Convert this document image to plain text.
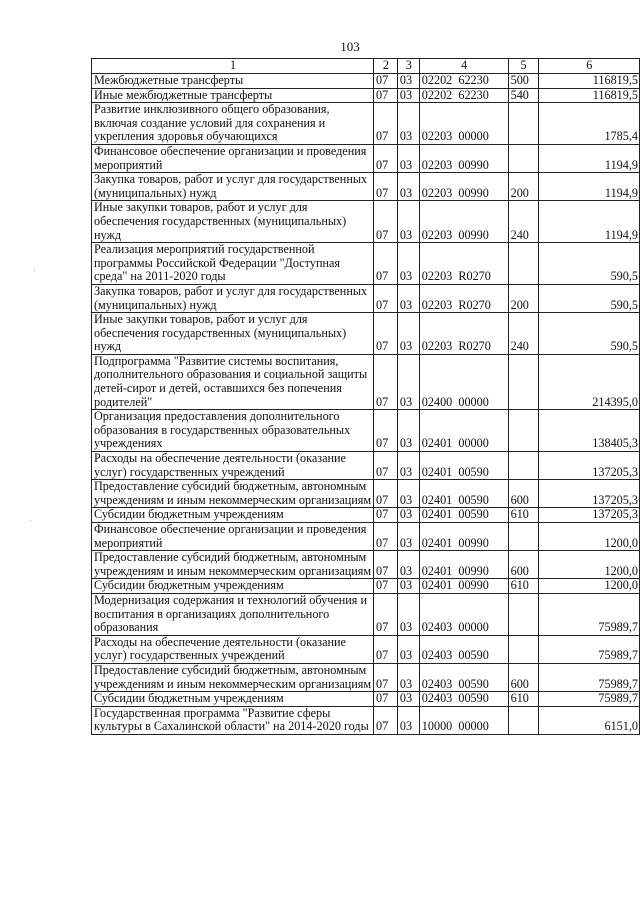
103
1	2	3	4	5	6
Межбюджетные трансферты	07	03	02202  62230	500	116819,5
Иные межбюджетные трансферты	07	03	02202  62230	540	116819,5
Развитие инклюзивного общего образования, включая создание условий для сохранения и укрепления здоровья обучающихся	07	03	02203  00000		1785,4
Финансовое обеспечение организации и проведения мероприятий	07	03	02203  00990		1194,9
Закупка товаров, работ и услуг для государственных (муниципальных) нужд	07	03	02203  00990	200	1194,9
Иные закупки товаров, работ и услуг для обеспечения государственных (муниципальных) нужд	07	03	02203  00990	240	1194,9
Реализация мероприятий государственной программы Российской Федерации "Доступная среда" на 2011-2020 годы	07	03	02203  R0270		590,5
Закупка товаров, работ и услуг для государственных (муниципальных) нужд	07	03	02203  R0270	200	590,5
Иные закупки товаров, работ и услуг для обеспечения государственных (муниципальных) нужд	07	03	02203  R0270	240	590,5
Подпрограмма "Развитие системы воспитания, дополнительного образования и социальной защиты детей-сирот и детей, оставшихся без попечения родителей"	07	03	02400  00000		214395,0
Организация предоставления дополнительного образования в государственных образовательных учреждениях	07	03	02401  00000		138405,3
Расходы на обеспечение деятельности (оказание услуг) государственных учреждений	07	03	02401  00590		137205,3
Предоставление субсидий бюджетным, автономным учреждениям и иным некоммерческим организациям	07	03	02401  00590	600	137205,3
Субсидии бюджетным учреждениям	07	03	02401  00590	610	137205,3
Финансовое обеспечение организации и проведения мероприятий	07	03	02401  00990		1200,0
Предоставление субсидий бюджетным, автономным учреждениям и иным некоммерческим организациям	07	03	02401  00990	600	1200,0
Субсидии бюджетным учреждениям	07	03	02401  00990	610	1200,0
Модернизация содержания и технологий обучения и воспитания в организациях дополнительного образования	07	03	02403  00000		75989,7
Расходы на обеспечение деятельности (оказание услуг) государственных учреждений	07	03	02403  00590		75989,7
Предоставление субсидий бюджетным, автономным учреждениям и иным некоммерческим организациям	07	03	02403  00590	600	75989,7
Субсидии бюджетным учреждениям	07	03	02403  00590	610	75989,7
Государственная программа "Развитие сферы культуры в Сахалинской области" на 2014-2020 годы	07	03	10000  00000		6151,0
